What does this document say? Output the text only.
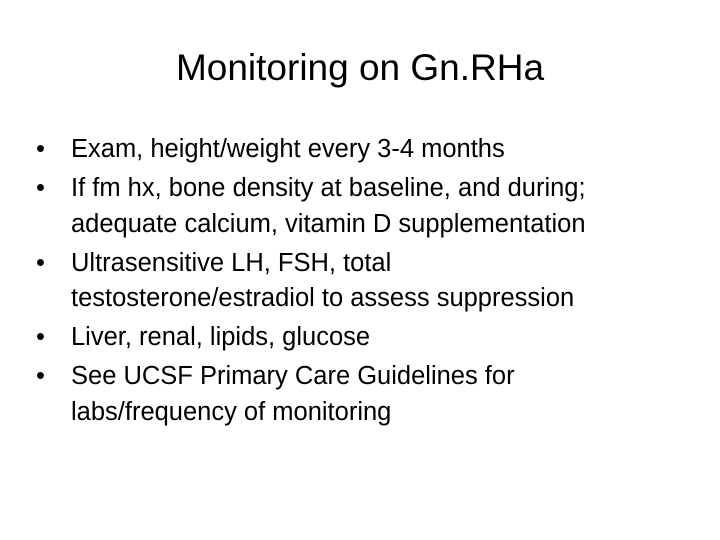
Monitoring on Gn.RHa
•	Exam, height/weight every 3-4 months
•	If fm hx, bone density at baseline, and during;
adequate calcium, vitamin D supplementation
•	Ultrasensitive LH, FSH, total
testosterone/estradiol to assess suppression
•	Liver, renal, lipids, glucose
•	See UCSF Primary Care Guidelines for
labs/frequency of monitoring
